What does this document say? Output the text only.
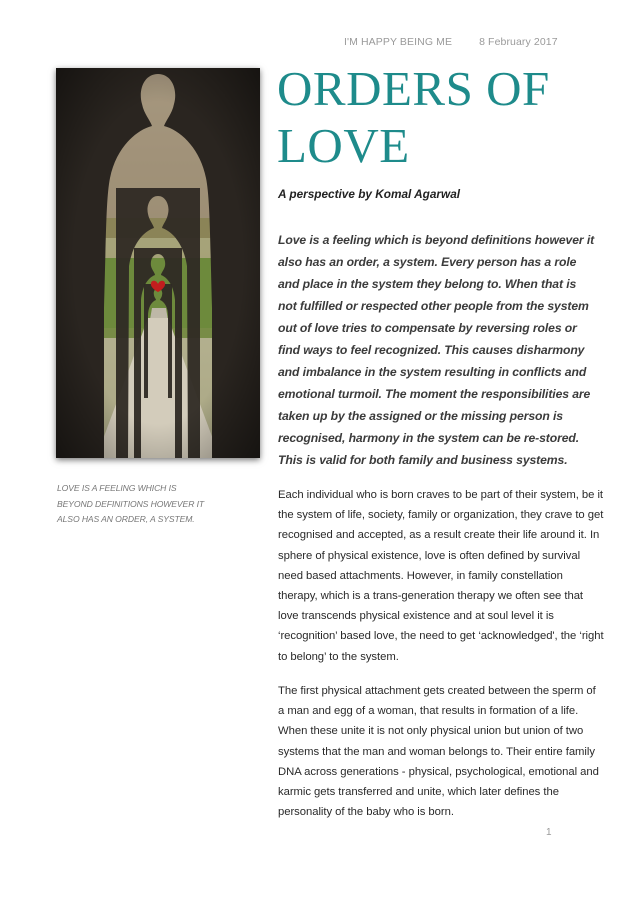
I'M HAPPY BEING ME	8 February 2017
LOVE IS A FEELING WHICH IS BEYOND DEFINITIONS HOWEVER IT ALSO HAS AN ORDER, A SYSTEM.
ORDERS OF LOVE
A perspective by Komal Agarwal

Love is a feeling which is beyond definitions however it also has an order, a system. Every person has a role and place in the system they belong to. When that is not fulfilled or respected other people from the system out of love tries to compensate by reversing roles or find ways to feel recognized. This causes disharmony and imbalance in the system resulting in conflicts and emotional turmoil. The moment the responsibilities are taken up by the assigned or the missing person is recognised, harmony in the system can be re-stored. This is valid for both family and business systems.

Each individual who is born craves to be part of their system, be it the system of life, society, family or organization, they crave to get recognised and accepted, as a result create their life around it. In sphere of physical existence, love is often defined by survival need based attachments. However, in family constellation therapy, which is a trans-generation therapy we often see that love transcends physical existence and at soul level it is ‘recognition’ based love, the need to get ‘acknowledged', the ‘right to belong’ to the system.

The first physical attachment gets created between the sperm of a man and egg of a woman, that results in formation of a life. When these unite it is not only physical union but union of two systems that the man and woman belongs to. Their entire family DNA across generations - physical, psychological, emotional and karmic gets transferred and unite, which later defines the personality of the baby who is born.

1
